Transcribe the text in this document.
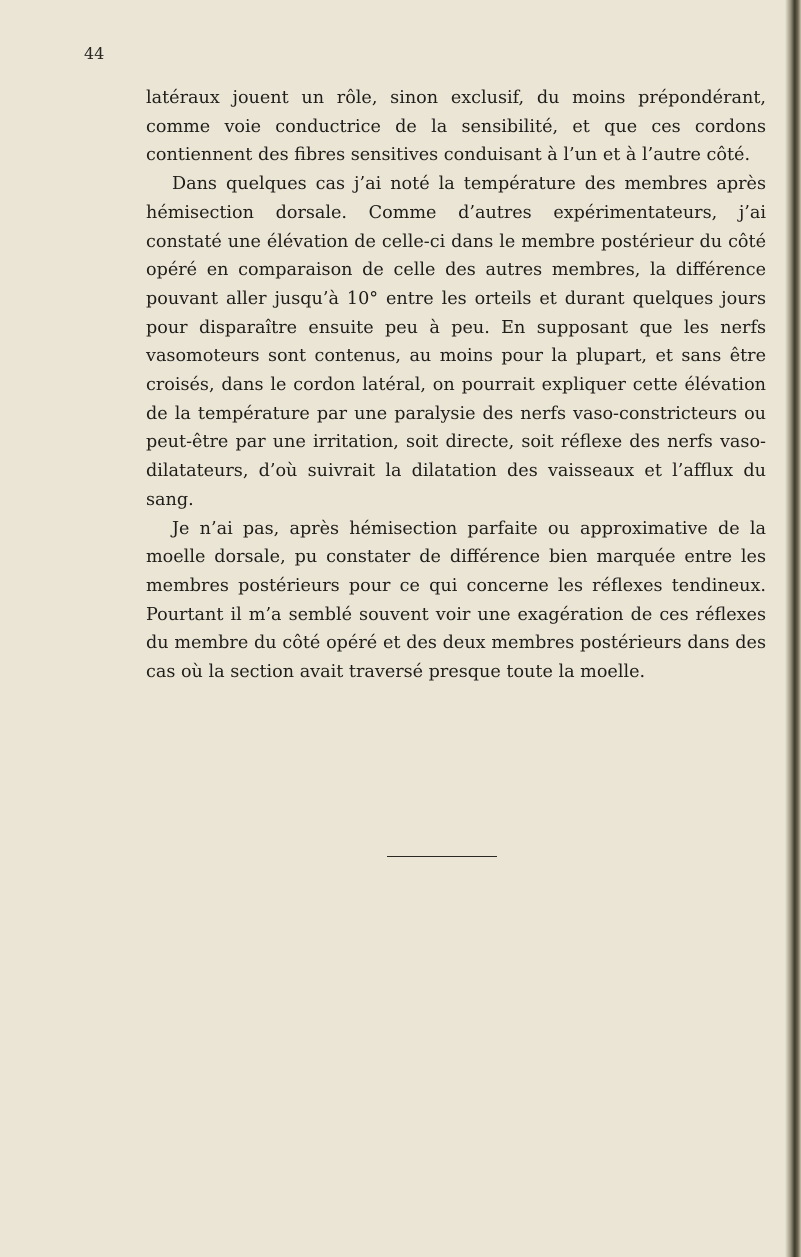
44

latéraux jouent un rôle, sinon exclusif, du moins prépondérant, comme voie conductrice de la sensibilité, et que ces cordons contiennent des fibres sensitives conduisant à l’un et à l’autre côté.

Dans quelques cas j’ai noté la température des membres après hémisection dorsale. Comme d’autres expérimentateurs, j’ai constaté une élévation de celle-ci dans le membre postérieur du côté opéré en comparaison de celle des autres membres, la différence pouvant aller jusqu’à 10° entre les orteils et durant quelques jours pour disparaître ensuite peu à peu. En supposant que les nerfs vasomoteurs sont contenus, au moins pour la plupart, et sans être croisés, dans le cordon latéral, on pourrait expliquer cette élévation de la température par une paralysie des nerfs vaso-constricteurs ou peut-être par une irritation, soit directe, soit réflexe des nerfs vaso-dilatateurs, d’où suivrait la dilatation des vaisseaux et l’afflux du sang.

Je n’ai pas, après hémisection parfaite ou approximative de la moelle dorsale, pu constater de différence bien marquée entre les membres postérieurs pour ce qui concerne les réflexes tendineux. Pourtant il m’a semblé souvent voir une exagération de ces réflexes du membre du côté opéré et des deux membres postérieurs dans des cas où la section avait traversé presque toute la moelle.
